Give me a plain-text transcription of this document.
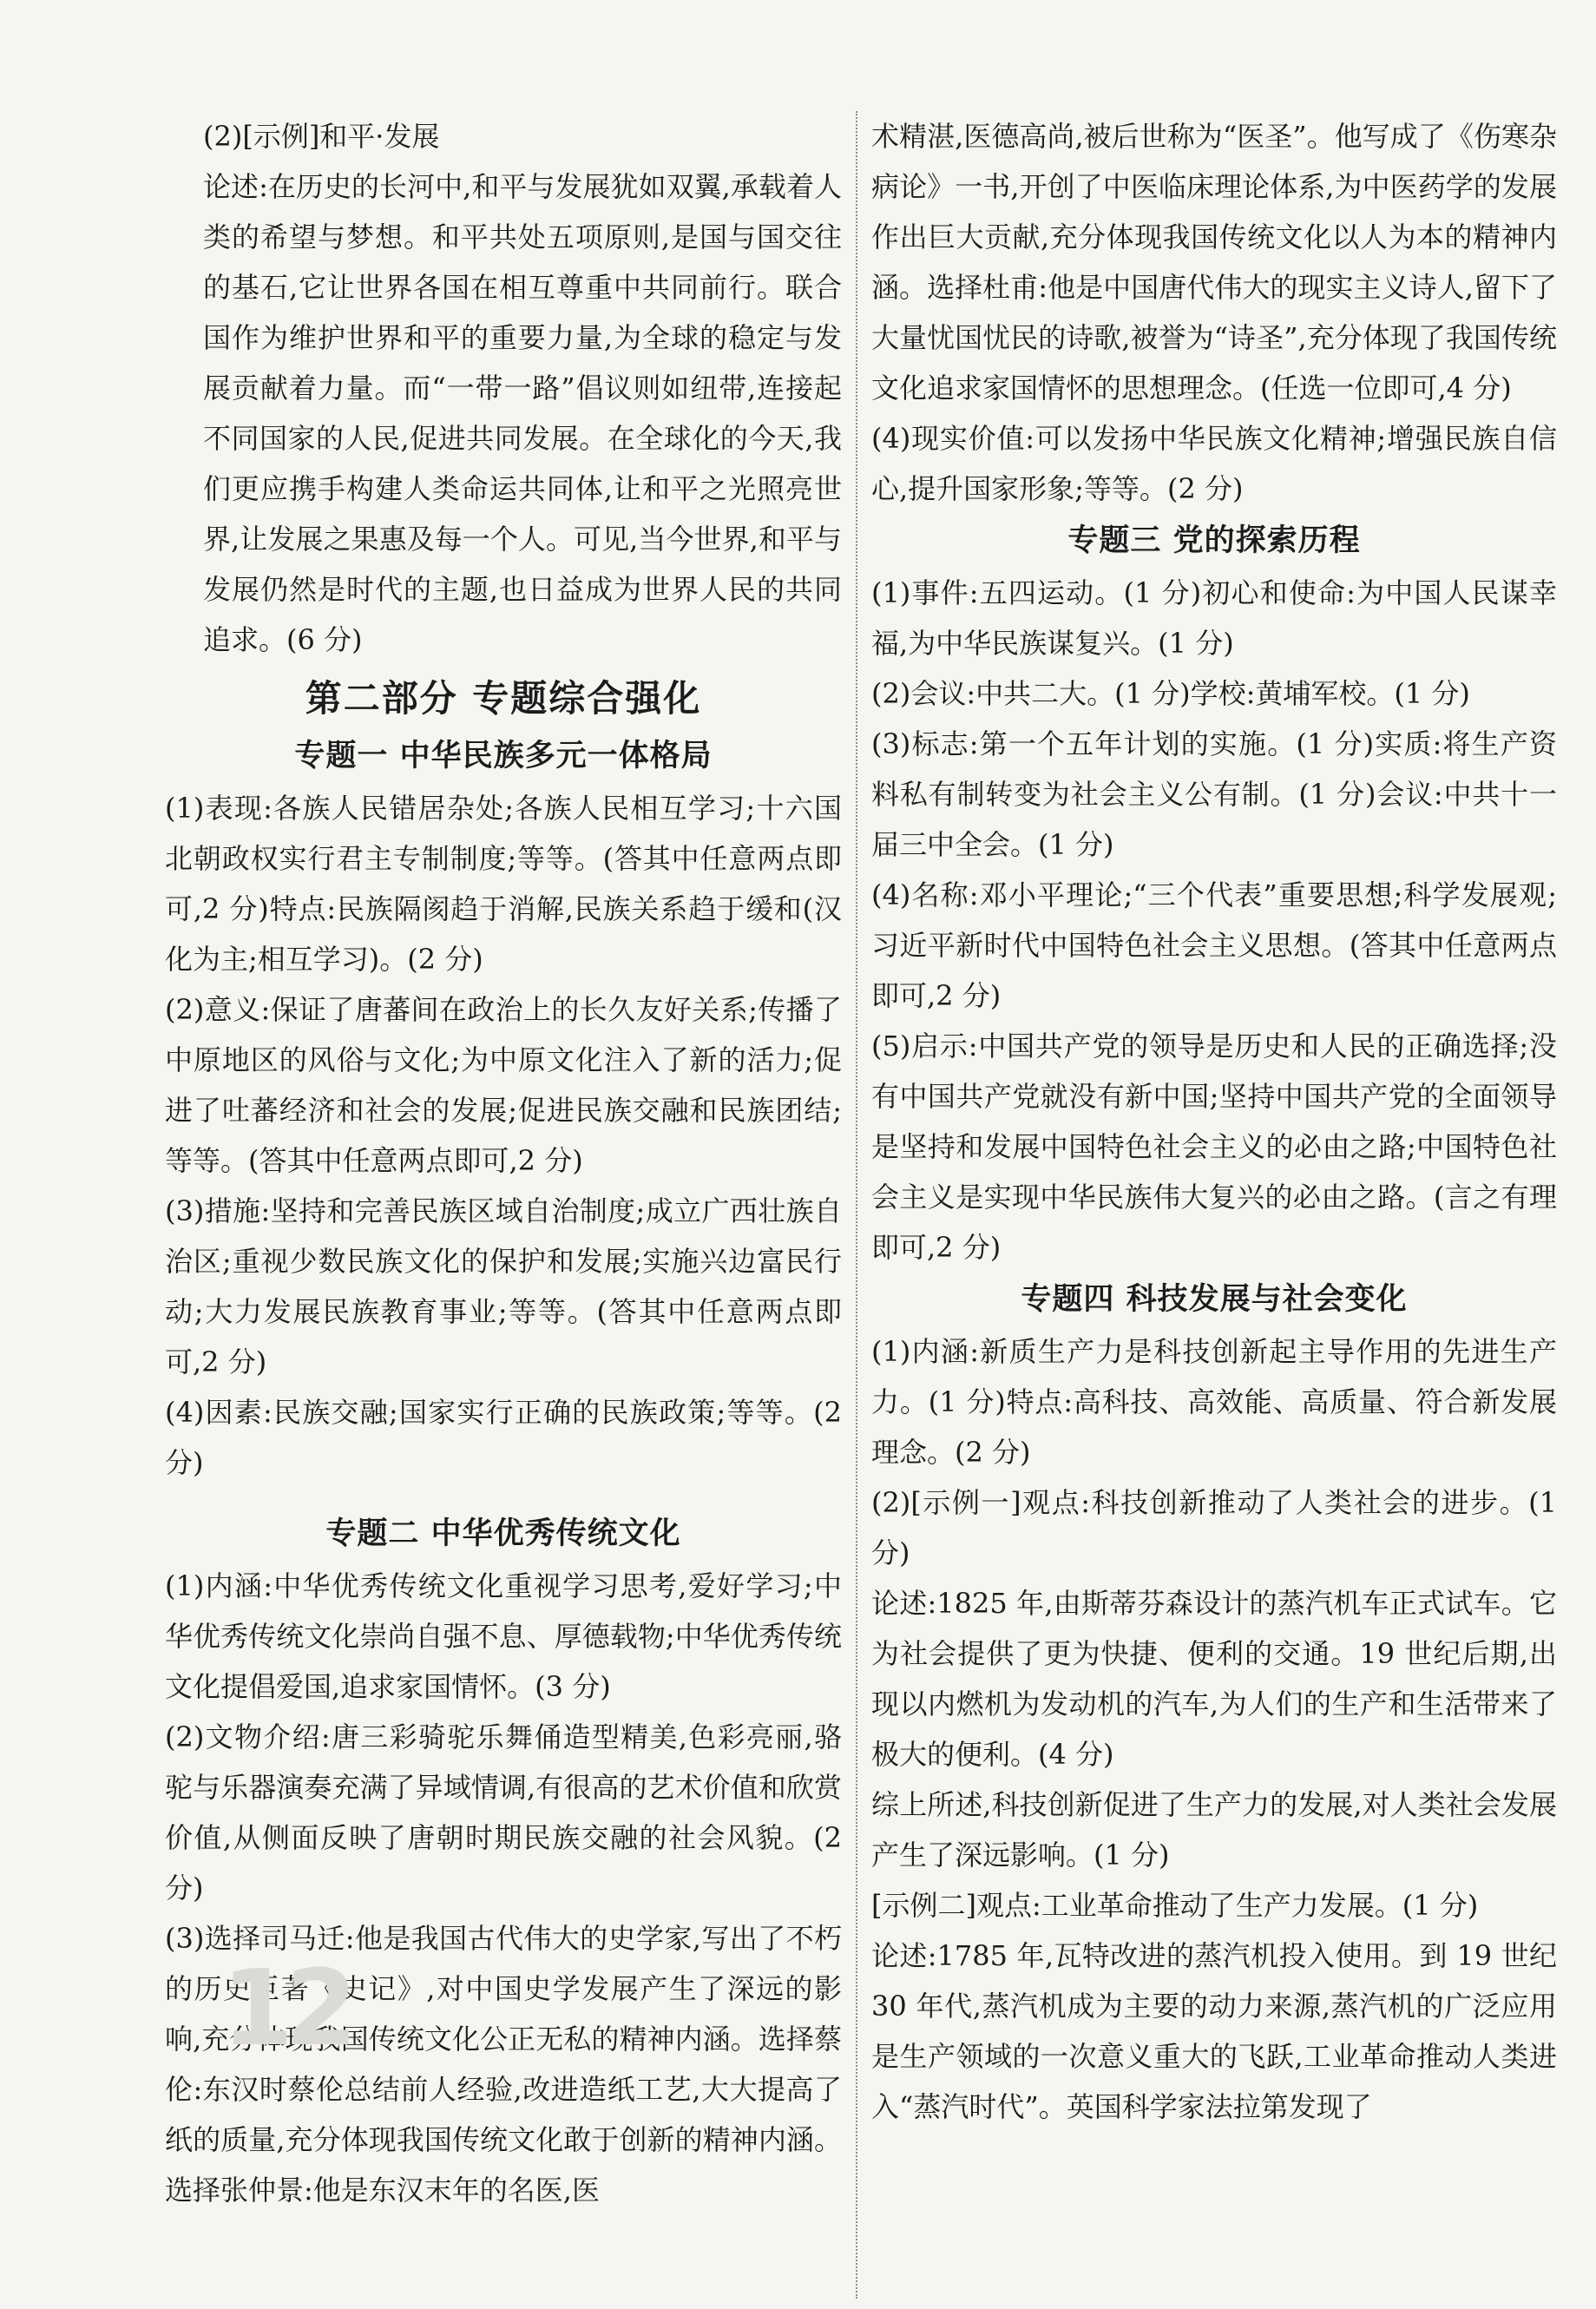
(2)[示例]和平·发展

论述:在历史的长河中,和平与发展犹如双翼,承载着人类的希望与梦想。和平共处五项原则,是国与国交往的基石,它让世界各国在相互尊重中共同前行。联合国作为维护世界和平的重要力量,为全球的稳定与发展贡献着力量。而“一带一路”倡议则如纽带,连接起不同国家的人民,促进共同发展。在全球化的今天,我们更应携手构建人类命运共同体,让和平之光照亮世界,让发展之果惠及每一个人。可见,当今世界,和平与发展仍然是时代的主题,也日益成为世界人民的共同追求。(6 分)

第二部分 专题综合强化

专题一 中华民族多元一体格局

(1)表现:各族人民错居杂处;各族人民相互学习;十六国北朝政权实行君主专制制度;等等。(答其中任意两点即可,2 分)特点:民族隔阂趋于消解,民族关系趋于缓和(汉化为主;相互学习)。(2 分)

(2)意义:保证了唐蕃间在政治上的长久友好关系;传播了中原地区的风俗与文化;为中原文化注入了新的活力;促进了吐蕃经济和社会的发展;促进民族交融和民族团结;等等。(答其中任意两点即可,2 分)

(3)措施:坚持和完善民族区域自治制度;成立广西壮族自治区;重视少数民族文化的保护和发展;实施兴边富民行动;大力发展民族教育事业;等等。(答其中任意两点即可,2 分)

(4)因素:民族交融;国家实行正确的民族政策;等等。(2 分)

专题二 中华优秀传统文化

(1)内涵:中华优秀传统文化重视学习思考,爱好学习;中华优秀传统文化崇尚自强不息、厚德载物;中华优秀传统文化提倡爱国,追求家国情怀。(3 分)

(2)文物介绍:唐三彩骑驼乐舞俑造型精美,色彩亮丽,骆驼与乐器演奏充满了异域情调,有很高的艺术价值和欣赏价值,从侧面反映了唐朝时期民族交融的社会风貌。(2 分)

(3)选择司马迁:他是我国古代伟大的史学家,写出了不朽的历史巨著《史记》,对中国史学发展产生了深远的影响,充分体现我国传统文化公正无私的精神内涵。选择蔡伦:东汉时蔡伦总结前人经验,改进造纸工艺,大大提高了纸的质量,充分体现我国传统文化敢于创新的精神内涵。选择张仲景:他是东汉末年的名医,医

术精湛,医德高尚,被后世称为“医圣”。他写成了《伤寒杂病论》一书,开创了中医临床理论体系,为中医药学的发展作出巨大贡献,充分体现我国传统文化以人为本的精神内涵。选择杜甫:他是中国唐代伟大的现实主义诗人,留下了大量忧国忧民的诗歌,被誉为“诗圣”,充分体现了我国传统文化追求家国情怀的思想理念。(任选一位即可,4 分)

(4)现实价值:可以发扬中华民族文化精神;增强民族自信心,提升国家形象;等等。(2 分)

专题三 党的探索历程

(1)事件:五四运动。(1 分)初心和使命:为中国人民谋幸福,为中华民族谋复兴。(1 分)

(2)会议:中共二大。(1 分)学校:黄埔军校。(1 分)

(3)标志:第一个五年计划的实施。(1 分)实质:将生产资料私有制转变为社会主义公有制。(1 分)会议:中共十一届三中全会。(1 分)

(4)名称:邓小平理论;“三个代表”重要思想;科学发展观;习近平新时代中国特色社会主义思想。(答其中任意两点即可,2 分)

(5)启示:中国共产党的领导是历史和人民的正确选择;没有中国共产党就没有新中国;坚持中国共产党的全面领导是坚持和发展中国特色社会主义的必由之路;中国特色社会主义是实现中华民族伟大复兴的必由之路。(言之有理即可,2 分)

专题四 科技发展与社会变化

(1)内涵:新质生产力是科技创新起主导作用的先进生产力。(1 分)特点:高科技、高效能、高质量、符合新发展理念。(2 分)

(2)[示例一]观点:科技创新推动了人类社会的进步。(1 分)

论述:1825 年,由斯蒂芬森设计的蒸汽机车正式试车。它为社会提供了更为快捷、便利的交通。19 世纪后期,出现以内燃机为发动机的汽车,为人们的生产和生活带来了极大的便利。(4 分)

综上所述,科技创新促进了生产力的发展,对人类社会发展产生了深远影响。(1 分)

[示例二]观点:工业革命推动了生产力发展。(1 分)

论述:1785 年,瓦特改进的蒸汽机投入使用。到 19 世纪 30 年代,蒸汽机成为主要的动力来源,蒸汽机的广泛应用是生产领域的一次意义重大的飞跃,工业革命推动人类进入“蒸汽时代”。英国科学家法拉第发现了

12
